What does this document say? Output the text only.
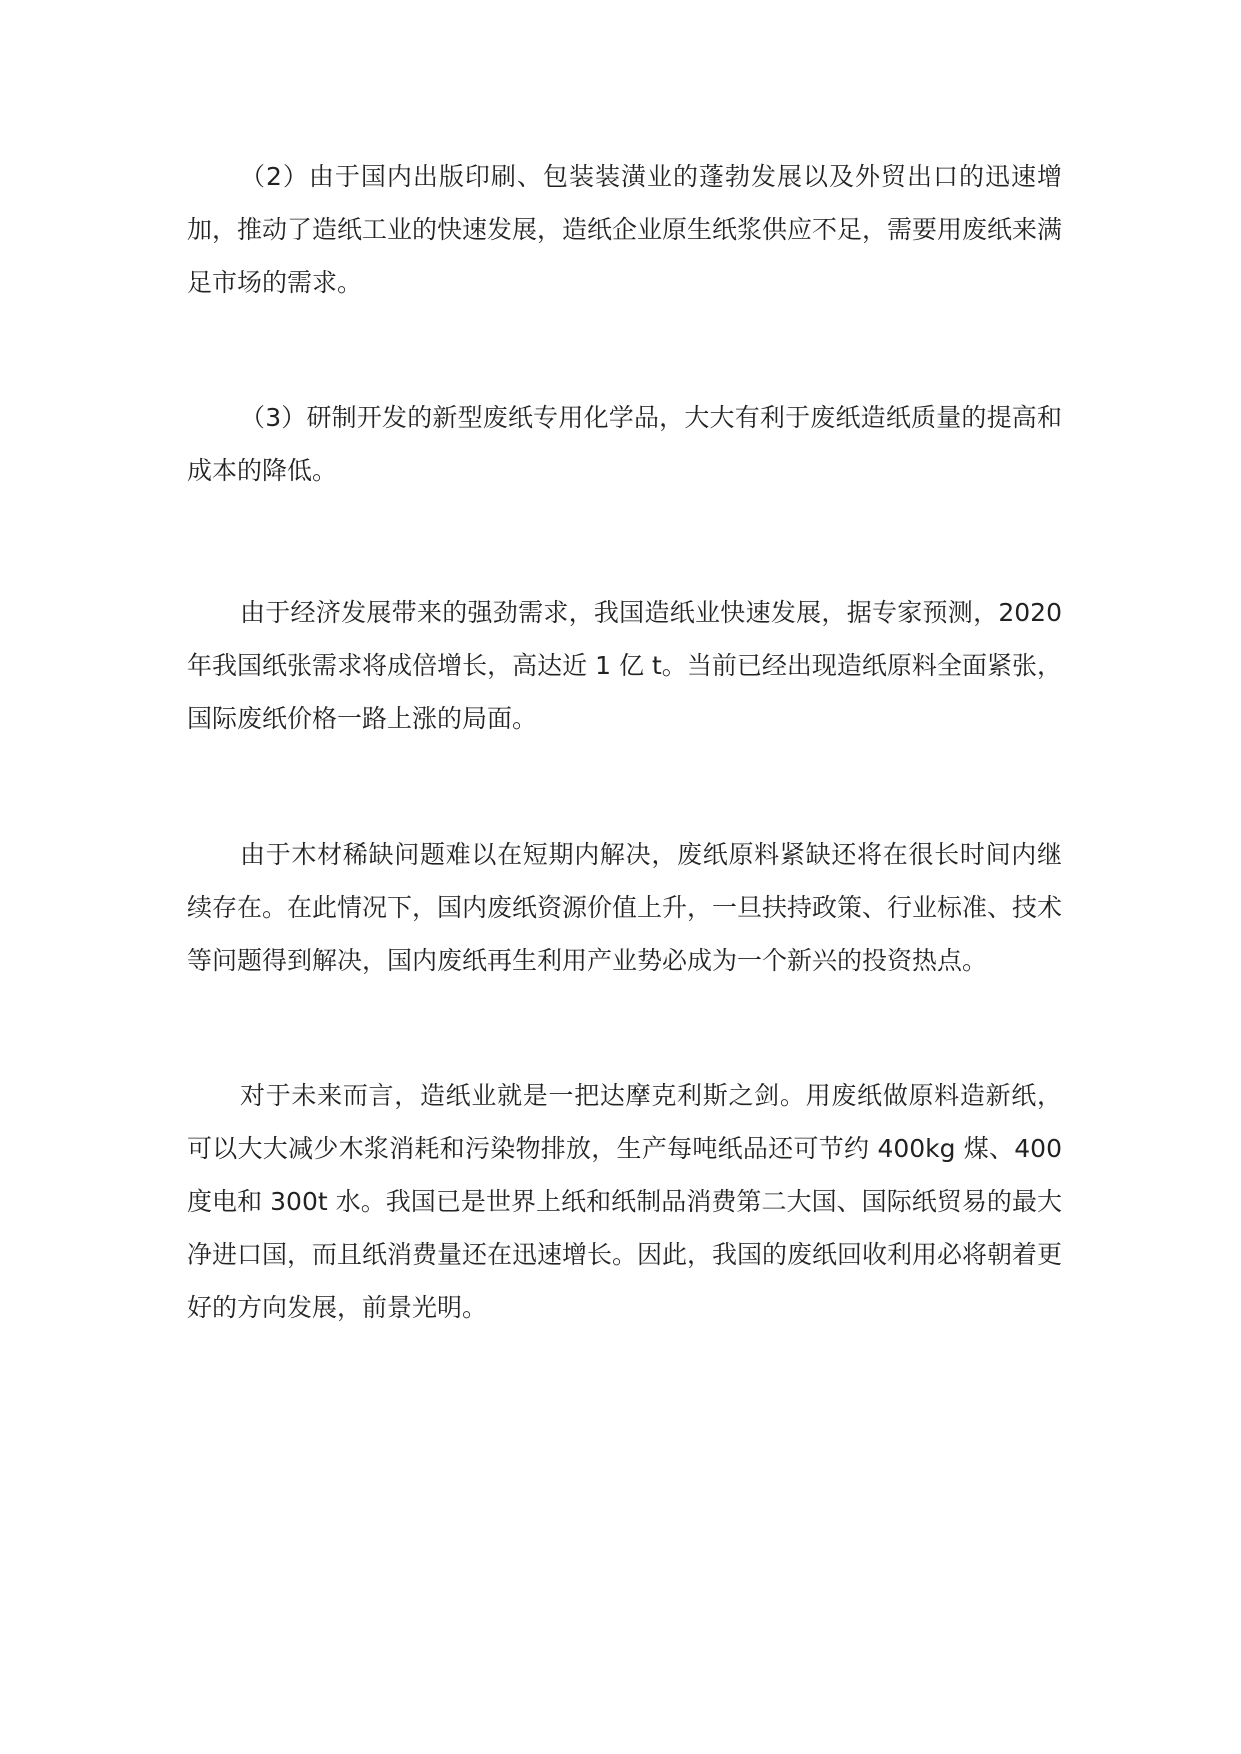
（2）由于国内出版印刷、包装装潢业的蓬勃发展以及外贸出口的迅速增加，推动了造纸工业的快速发展，造纸企业原生纸浆供应不足，需要用废纸来满足市场的需求。

（3）研制开发的新型废纸专用化学品，大大有利于废纸造纸质量的提高和成本的降低。

由于经济发展带来的强劲需求，我国造纸业快速发展，据专家预测，2020年我国纸张需求将成倍增长，高达近 1 亿 t。当前已经出现造纸原料全面紧张，国际废纸价格一路上涨的局面。

由于木材稀缺问题难以在短期内解决，废纸原料紧缺还将在很长时间内继续存在。在此情况下，国内废纸资源价值上升，一旦扶持政策、行业标准、技术等问题得到解决，国内废纸再生利用产业势必成为一个新兴的投资热点。

对于未来而言，造纸业就是一把达摩克利斯之剑。用废纸做原料造新纸，可以大大减少木浆消耗和污染物排放，生产每吨纸品还可节约 400kg 煤、400度电和 300t 水。我国已是世界上纸和纸制品消费第二大国、国际纸贸易的最大净进口国，而且纸消费量还在迅速增长。因此，我国的废纸回收利用必将朝着更好的方向发展，前景光明。
